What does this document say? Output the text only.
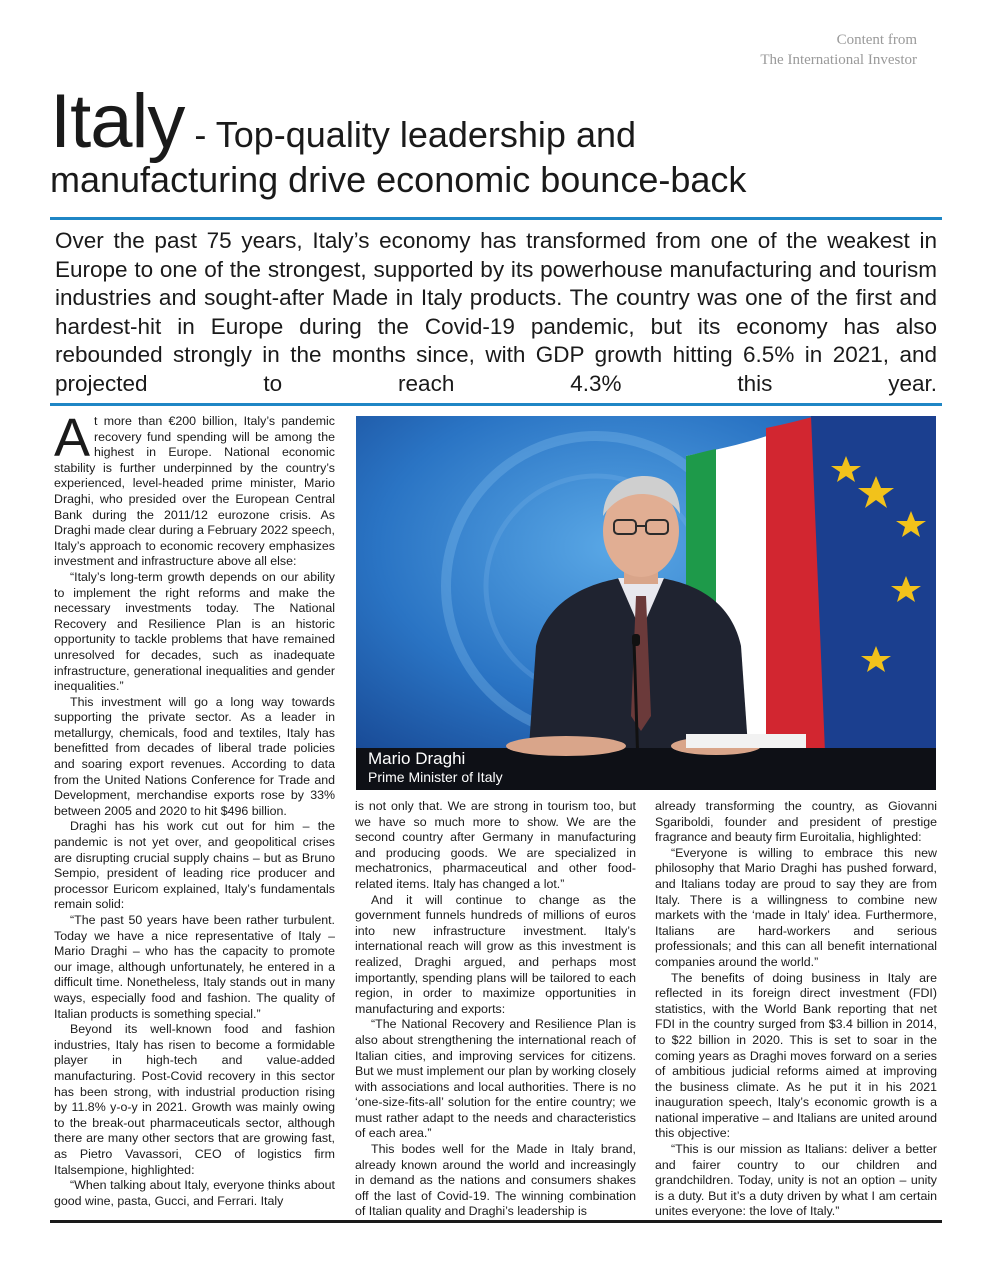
Content from
The International Investor
Italy - Top-quality leadership and
manufacturing drive economic bounce-back

Over the past 75 years, Italy’s economy has transformed from one of the weakest in Europe to one of the strongest, supported by its powerhouse manufacturing and tourism industries and sought-after Made in Italy products. The country was one of the first and hardest-hit in Europe during the Covid-19 pandemic, but its economy has also rebounded strongly in the months since, with GDP growth hitting 6.5% in 2021, and projected to reach 4.3% this year.

At more than €200 billion, Italy’s pandemic recovery fund spending will be among the highest in Europe. National economic stability is further underpinned by the country’s experienced, level-headed prime minister, Mario Draghi, who presided over the European Central Bank during the 2011/12 eurozone crisis. As Draghi made clear during a February 2022 speech, Italy’s approach to economic recovery emphasizes investment and infrastructure above all else:

“Italy’s long-term growth depends on our ability to implement the right reforms and make the necessary investments today. The National Recovery and Resilience Plan is an historic opportunity to tackle problems that have remained unresolved for decades, such as inadequate infrastructure, generational inequalities and gender inequalities.”

This investment will go a long way towards supporting the private sector. As a leader in metallurgy, chemicals, food and textiles, Italy has benefitted from decades of liberal trade policies and soaring export revenues. According to data from the United Nations Conference for Trade and Development, merchandise exports rose by 33% between 2005 and 2020 to hit $496 billion.

Draghi has his work cut out for him – the pandemic is not yet over, and geopolitical crises are disrupting crucial supply chains – but as Bruno Sempio, president of leading rice producer and processor Euricom explained, Italy’s fundamentals remain solid:

“The past 50 years have been rather turbulent. Today we have a nice representative of Italy – Mario Draghi – who has the capacity to promote our image, although unfortunately, he entered in a difficult time. Nonetheless, Italy stands out in many ways, especially food and fashion. The quality of Italian products is something special.”

Beyond its well-known food and fashion industries, Italy has risen to become a formidable player in high-tech and value-added manufacturing. Post-Covid recovery in this sector has been strong, with industrial production rising by 11.8% y-o-y in 2021. Growth was mainly owing to the break-out pharmaceuticals sector, although there are many other sectors that are growing fast, as Pietro Vavassori, CEO of logistics firm Italsempione, highlighted:

“When talking about Italy, everyone thinks about good wine, pasta, Gucci, and Ferrari. Italy

Mario Draghi
Prime Minister of Italy

is not only that. We are strong in tourism too, but we have so much more to show. We are the second country after Germany in manufacturing and producing goods. We are specialized in mechatronics, pharmaceutical and other food-related items. Italy has changed a lot.”

And it will continue to change as the government funnels hundreds of millions of euros into new infrastructure investment. Italy’s international reach will grow as this investment is realized, Draghi argued, and perhaps most importantly, spending plans will be tailored to each region, in order to maximize opportunities in manufacturing and exports:

“The National Recovery and Resilience Plan is also about strengthening the international reach of Italian cities, and improving services for citizens. But we must implement our plan by working closely with associations and local authorities. There is no ‘one-size-fits-all’ solution for the entire country; we must rather adapt to the needs and characteristics of each area.”

This bodes well for the Made in Italy brand, already known around the world and increasingly in demand as the nations and consumers shakes off the last of Covid-19. The winning combination of Italian quality and Draghi’s leadership is

already transforming the country, as Giovanni Sgariboldi, founder and president of prestige fragrance and beauty firm Euroitalia, highlighted:

“Everyone is willing to embrace this new philosophy that Mario Draghi has pushed forward, and Italians today are proud to say they are from Italy. There is a willingness to combine new markets with the ‘made in Italy’ idea. Furthermore, Italians are hard-workers and serious professionals; and this can all benefit international companies around the world.”

The benefits of doing business in Italy are reflected in its foreign direct investment (FDI) statistics, with the World Bank reporting that net FDI in the country surged from $3.4 billion in 2014, to $22 billion in 2020. This is set to soar in the coming years as Draghi moves forward on a series of ambitious judicial reforms aimed at improving the business climate. As he put it in his 2021 inauguration speech, Italy’s economic growth is a national imperative – and Italians are united around this objective:

“This is our mission as Italians: deliver a better and fairer country to our children and grandchildren. Today, unity is not an option – unity is a duty. But it’s a duty driven by what I am certain unites everyone: the love of Italy.”
